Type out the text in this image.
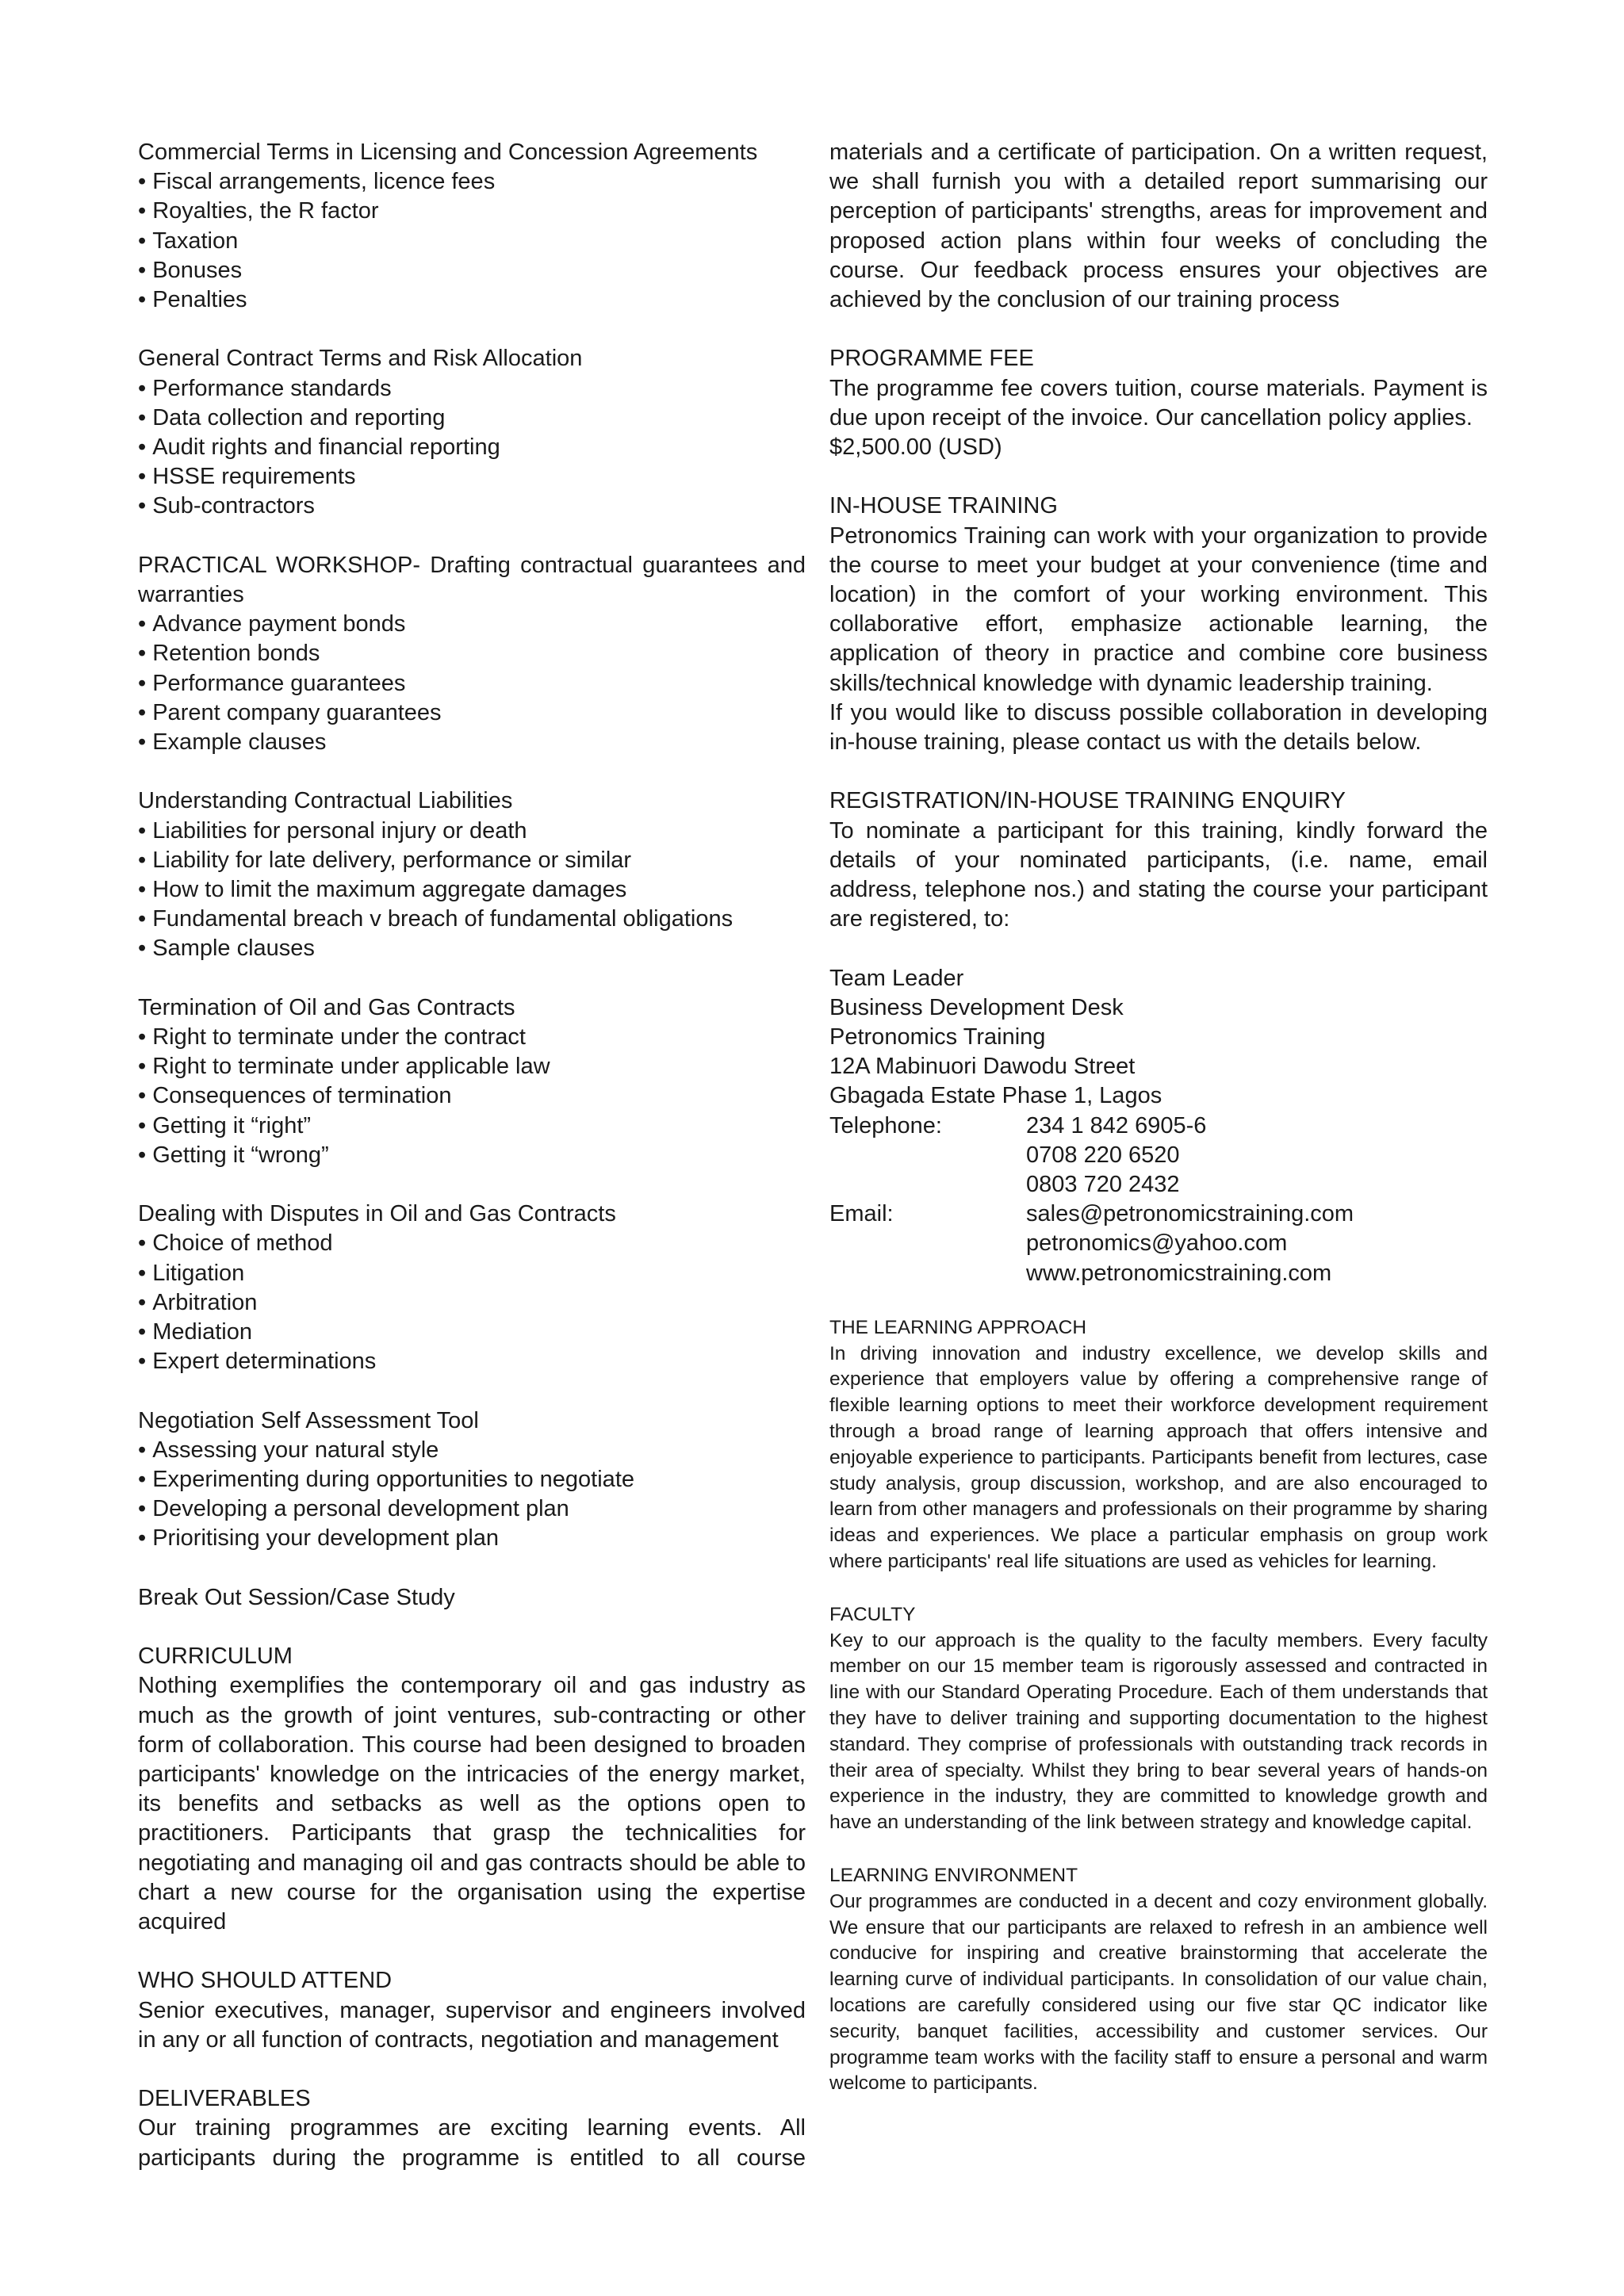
Commercial Terms in Licensing and Concession Agreements

• Fiscal arrangements, licence fees
• Royalties, the R factor
• Taxation
• Bonuses
• Penalties

General Contract Terms and Risk Allocation

• Performance standards
• Data collection and reporting
• Audit rights and financial reporting
• HSSE requirements
• Sub-contractors

PRACTICAL WORKSHOP- Drafting contractual guarantees and warranties

• Advance payment bonds
• Retention bonds
• Performance guarantees
• Parent company guarantees
• Example clauses

Understanding Contractual Liabilities

• Liabilities for personal injury or death
• Liability for late delivery, performance or similar
• How to limit the maximum aggregate damages
• Fundamental breach v breach of fundamental obligations
• Sample clauses

Termination of Oil and Gas Contracts

• Right to terminate under the contract
• Right to terminate under applicable law
• Consequences of termination
• Getting it “right”
• Getting it “wrong”

Dealing with Disputes in Oil and Gas Contracts

• Choice of method
• Litigation
• Arbitration
• Mediation
• Expert determinations

Negotiation Self Assessment Tool

• Assessing your natural style
• Experimenting during opportunities to negotiate
• Developing a personal development plan
• Prioritising your development plan

Break Out Session/Case Study

CURRICULUM

Nothing exemplifies the contemporary oil and gas industry as much as the growth of joint ventures, sub-contracting or other form of collaboration. This course had been designed to broaden participants' knowledge on the intricacies of the energy market, its benefits and setbacks as well as the options open to practitioners. Participants that grasp the technicalities for negotiating and managing oil and gas contracts should be able to chart a new course for the organisation using the expertise acquired

WHO SHOULD ATTEND

Senior executives, manager, supervisor and engineers involved in any or all function of contracts, negotiation and management

DELIVERABLES

Our training programmes are exciting learning events. All participants during the programme is entitled to all course

materials and a certificate of participation. On a written request, we shall furnish you with a detailed report summarising our perception of participants' strengths, areas for improvement and proposed action plans within four weeks of concluding the course. Our feedback process ensures your objectives are achieved by the conclusion of our training process

PROGRAMME FEE

The programme fee covers tuition, course materials. Payment is due upon receipt of the invoice. Our cancellation policy applies.

$2,500.00 (USD)

IN-HOUSE TRAINING

Petronomics Training can work with your organization to provide the course to meet your budget at your convenience (time and location) in the comfort of your working environment. This collaborative effort, emphasize actionable learning, the application of theory in practice and combine core business skills/technical knowledge with dynamic leadership training.

If you would like to discuss possible collaboration in developing in-house training, please contact us with the details below.

REGISTRATION/IN-HOUSE TRAINING ENQUIRY

To nominate a participant for this training, kindly forward the details of your nominated participants, (i.e. name, email address, telephone nos.) and stating the course your participant are registered, to:

Team Leader

Business Development Desk

Petronomics Training

12A Mabinuori Dawodu Street

Gbagada Estate Phase 1, Lagos

Telephone:	234 1 842 6905-6
0708 220 6520
0803 720 2432
Email:	sales@petronomicstraining.com
petronomics@yahoo.com
www.petronomicstraining.com

THE LEARNING APPROACH

In driving innovation and industry excellence, we develop skills and experience that employers value by offering a comprehensive range of flexible learning options to meet their workforce development requirement through a broad range of learning approach that offers intensive and enjoyable experience to participants. Participants benefit from lectures, case study analysis, group discussion, workshop, and are also encouraged to learn from other managers and professionals on their programme by sharing ideas and experiences. We place a particular emphasis on group work where participants' real life situations are used as vehicles for learning.

FACULTY

Key to our approach is the quality to the faculty members. Every faculty member on our 15 member team is rigorously assessed and contracted in line with our Standard Operating Procedure. Each of them understands that they have to deliver training and supporting documentation to the highest standard. They comprise of professionals with outstanding track records in their area of specialty. Whilst they bring to bear several years of hands-on experience in the industry, they are committed to knowledge growth and have an understanding of the link between strategy and knowledge capital.

LEARNING ENVIRONMENT

Our programmes are conducted in a decent and cozy environment globally. We ensure that our participants are relaxed to refresh in an ambience well conducive for inspiring and creative brainstorming that accelerate the learning curve of individual participants. In consolidation of our value chain, locations are carefully considered using our five star QC indicator like security, banquet facilities, accessibility and customer services. Our programme team works with the facility staff to ensure a personal and warm welcome to participants.
